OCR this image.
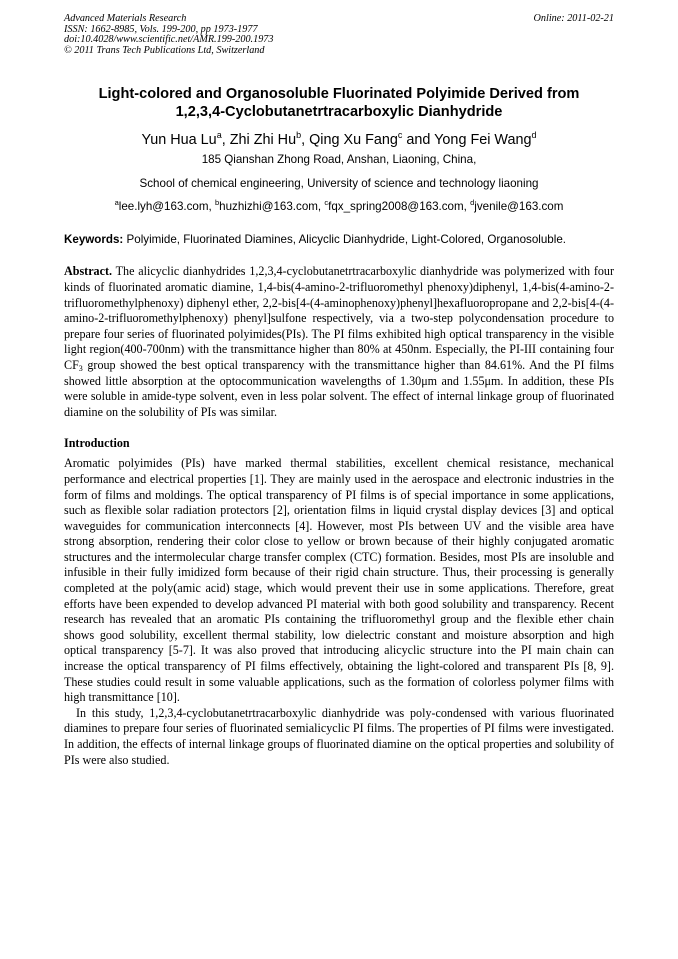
Advanced Materials Research
ISSN: 1662-8985, Vols. 199-200, pp 1973-1977
doi:10.4028/www.scientific.net/AMR.199-200.1973
© 2011 Trans Tech Publications Ltd, Switzerland
Online: 2011-02-21
Light-colored and Organosoluble Fluorinated Polyimide Derived from
1,2,3,4-Cyclobutanetrtracarboxylic Dianhydride
Yun Hua Lu$^a$, Zhi Zhi Hu$^b$, Qing Xu Fang$^c$ and Yong Fei Wang$^d$
185 Qianshan Zhong Road, Anshan, Liaoning, China,
School of chemical engineering, University of science and technology liaoning
$^a$lee.lyh@163.com, $^b$huzhizhi@163.com, $^c$fqx_spring2008@163.com, $^d$jvenile@163.com
Keywords: Polyimide, Fluorinated Diamines, Alicyclic Dianhydride, Light-Colored, Organosoluble.
Abstract. The alicyclic dianhydrides 1,2,3,4-cyclobutanetrtracarboxylic dianhydride was polymerized with four kinds of fluorinated aromatic diamine, 1,4-bis(4-amino-2-trifluoromethyl phenoxy)diphenyl, 1,4-bis(4-amino-2-trifluoromethylphenoxy) diphenyl ether, 2,2-bis[4-(4-aminophenoxy)phenyl]hexafluoropropane and 2,2-bis[4-(4-amino-2-trifluoromethylphenoxy) phenyl]sulfone respectively, via a two-step polycondensation procedure to prepare four series of fluorinated polyimides(PIs). The PI films exhibited high optical transparency in the visible light region(400-700nm) with the transmittance higher than 80% at 450nm. Especially, the PI-III containing four $CF_3$ group showed the best optical transparency with the transmittance higher than 84.61%. And the PI films showed little absorption at the optocommunication wavelengths of 1.30μm and 1.55μm. In addition, these PIs were soluble in amide-type solvent, even in less polar solvent. The effect of internal linkage group of fluorinated diamine on the solubility of PIs was similar.
Introduction
Aromatic polyimides (PIs) have marked thermal stabilities, excellent chemical resistance, mechanical performance and electrical properties [1]. They are mainly used in the aerospace and electronic industries in the form of films and moldings. The optical transparency of PI films is of special importance in some applications, such as flexible solar radiation protectors [2], orientation films in liquid crystal display devices [3] and optical waveguides for communication interconnects [4]. However, most PIs between UV and the visible area have strong absorption, rendering their color close to yellow or brown because of their highly conjugated aromatic structures and the intermolecular charge transfer complex (CTC) formation. Besides, most PIs are insoluble and infusible in their fully imidized form because of their rigid chain structure. Thus, their processing is generally completed at the poly(amic acid) stage, which would prevent their use in some applications. Therefore, great efforts have been expended to develop advanced PI material with both good solubility and transparency. Recent research has revealed that an aromatic PIs containing the trifluoromethyl group and the flexible ether chain shows good solubility, excellent thermal stability, low dielectric constant and moisture absorption and high optical transparency [5-7]. It was also proved that introducing alicyclic structure into the PI main chain can increase the optical transparency of PI films effectively, obtaining the light-colored and transparent PIs [8, 9]. These studies could result in some valuable applications, such as the formation of colorless polymer films with high transmittance [10].
In this study, 1,2,3,4-cyclobutanetrtracarboxylic dianhydride was poly-condensed with various fluorinated diamines to prepare four series of fluorinated semialicyclic PI films. The properties of PI films were investigated. In addition, the effects of internal linkage groups of fluorinated diamine on the optical properties and solubility of PIs were also studied.
